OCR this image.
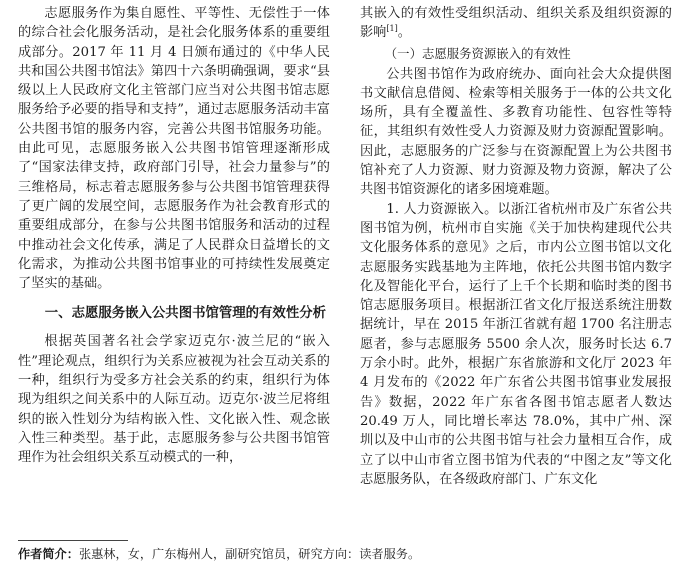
志愿服务作为集自愿性、平等性、无偿性于一体的综合社会化服务活动，是社会化服务体系的重要组成部分。2017 年 11 月 4 日颁布通过的《中华人民共和国公共图书馆法》第四十六条明确强调，要求“县级以上人民政府文化主管部门应当对公共图书馆志愿服务给予必要的指导和支持”，通过志愿服务活动丰富公共图书馆的服务内容，完善公共图书馆服务功能。由此可见，志愿服务嵌入公共图书馆管理逐渐形成了“国家法律支持，政府部门引导，社会力量参与”的三维格局，标志着志愿服务参与公共图书馆管理获得了更广阔的发展空间，志愿服务作为社会教育形式的重要组成部分，在参与公共图书馆服务和活动的过程中推动社会文化传承，满足了人民群众日益增长的文化需求，为推动公共图书馆事业的可持续性发展奠定了坚实的基础。

一、志愿服务嵌入公共图书馆管理的有效性分析

根据英国著名社会学家迈克尔·波兰尼的“嵌入性”理论观点，组织行为关系应被视为社会互动关系的一种，组织行为受多方社会关系的约束，组织行为体现为组织之间关系中的人际互动。迈克尔·波兰尼将组织的嵌入性划分为结构嵌入性、文化嵌入性、观念嵌入性三种类型。基于此，志愿服务参与公共图书馆管理作为社会组织关系互动模式的一种，

其嵌入的有效性受组织活动、组织关系及组织资源的影响[1]。

（一）志愿服务资源嵌入的有效性

公共图书馆作为政府统办、面向社会大众提供图书文献信息借阅、检索等相关服务于一体的公共文化场所，具有全覆盖性、多教育功能性、包容性等特征，其组织有效性受人力资源及财力资源配置影响。因此，志愿服务的广泛参与在资源配置上为公共图书馆补充了人力资源、财力资源及物力资源，解决了公共图书馆资源化的诸多困境难题。

1. 人力资源嵌入。以浙江省杭州市及广东省公共图书馆为例，杭州市自实施《关于加快构建现代公共文化服务体系的意见》之后，市内公立图书馆以文化志愿服务实践基地为主阵地，依托公共图书馆内数字化及智能化平台，运行了上千个长期和临时类的图书馆志愿服务项目。根据浙江省文化厅报送系统注册数据统计，早在 2015 年浙江省就有超 1700 名注册志愿者，参与志愿服务 5500 余人次，服务时长达 6.7 万余小时。此外，根据广东省旅游和文化厅 2023 年 4 月发布的《2022 年广东省公共图书馆事业发展报告》数据，2022 年广东省各图书馆志愿者人数达 20.49 万人，同比增长率达 78.0%，其中广州、深圳以及中山市的公共图书馆与社会力量相互合作，成立了以中山市省立图书馆为代表的“中图之友”等文化志愿服务队，在各级政府部门、广东文化

作者简介：张惠林，女，广东梅州人，副研究馆员，研究方向：读者服务。
